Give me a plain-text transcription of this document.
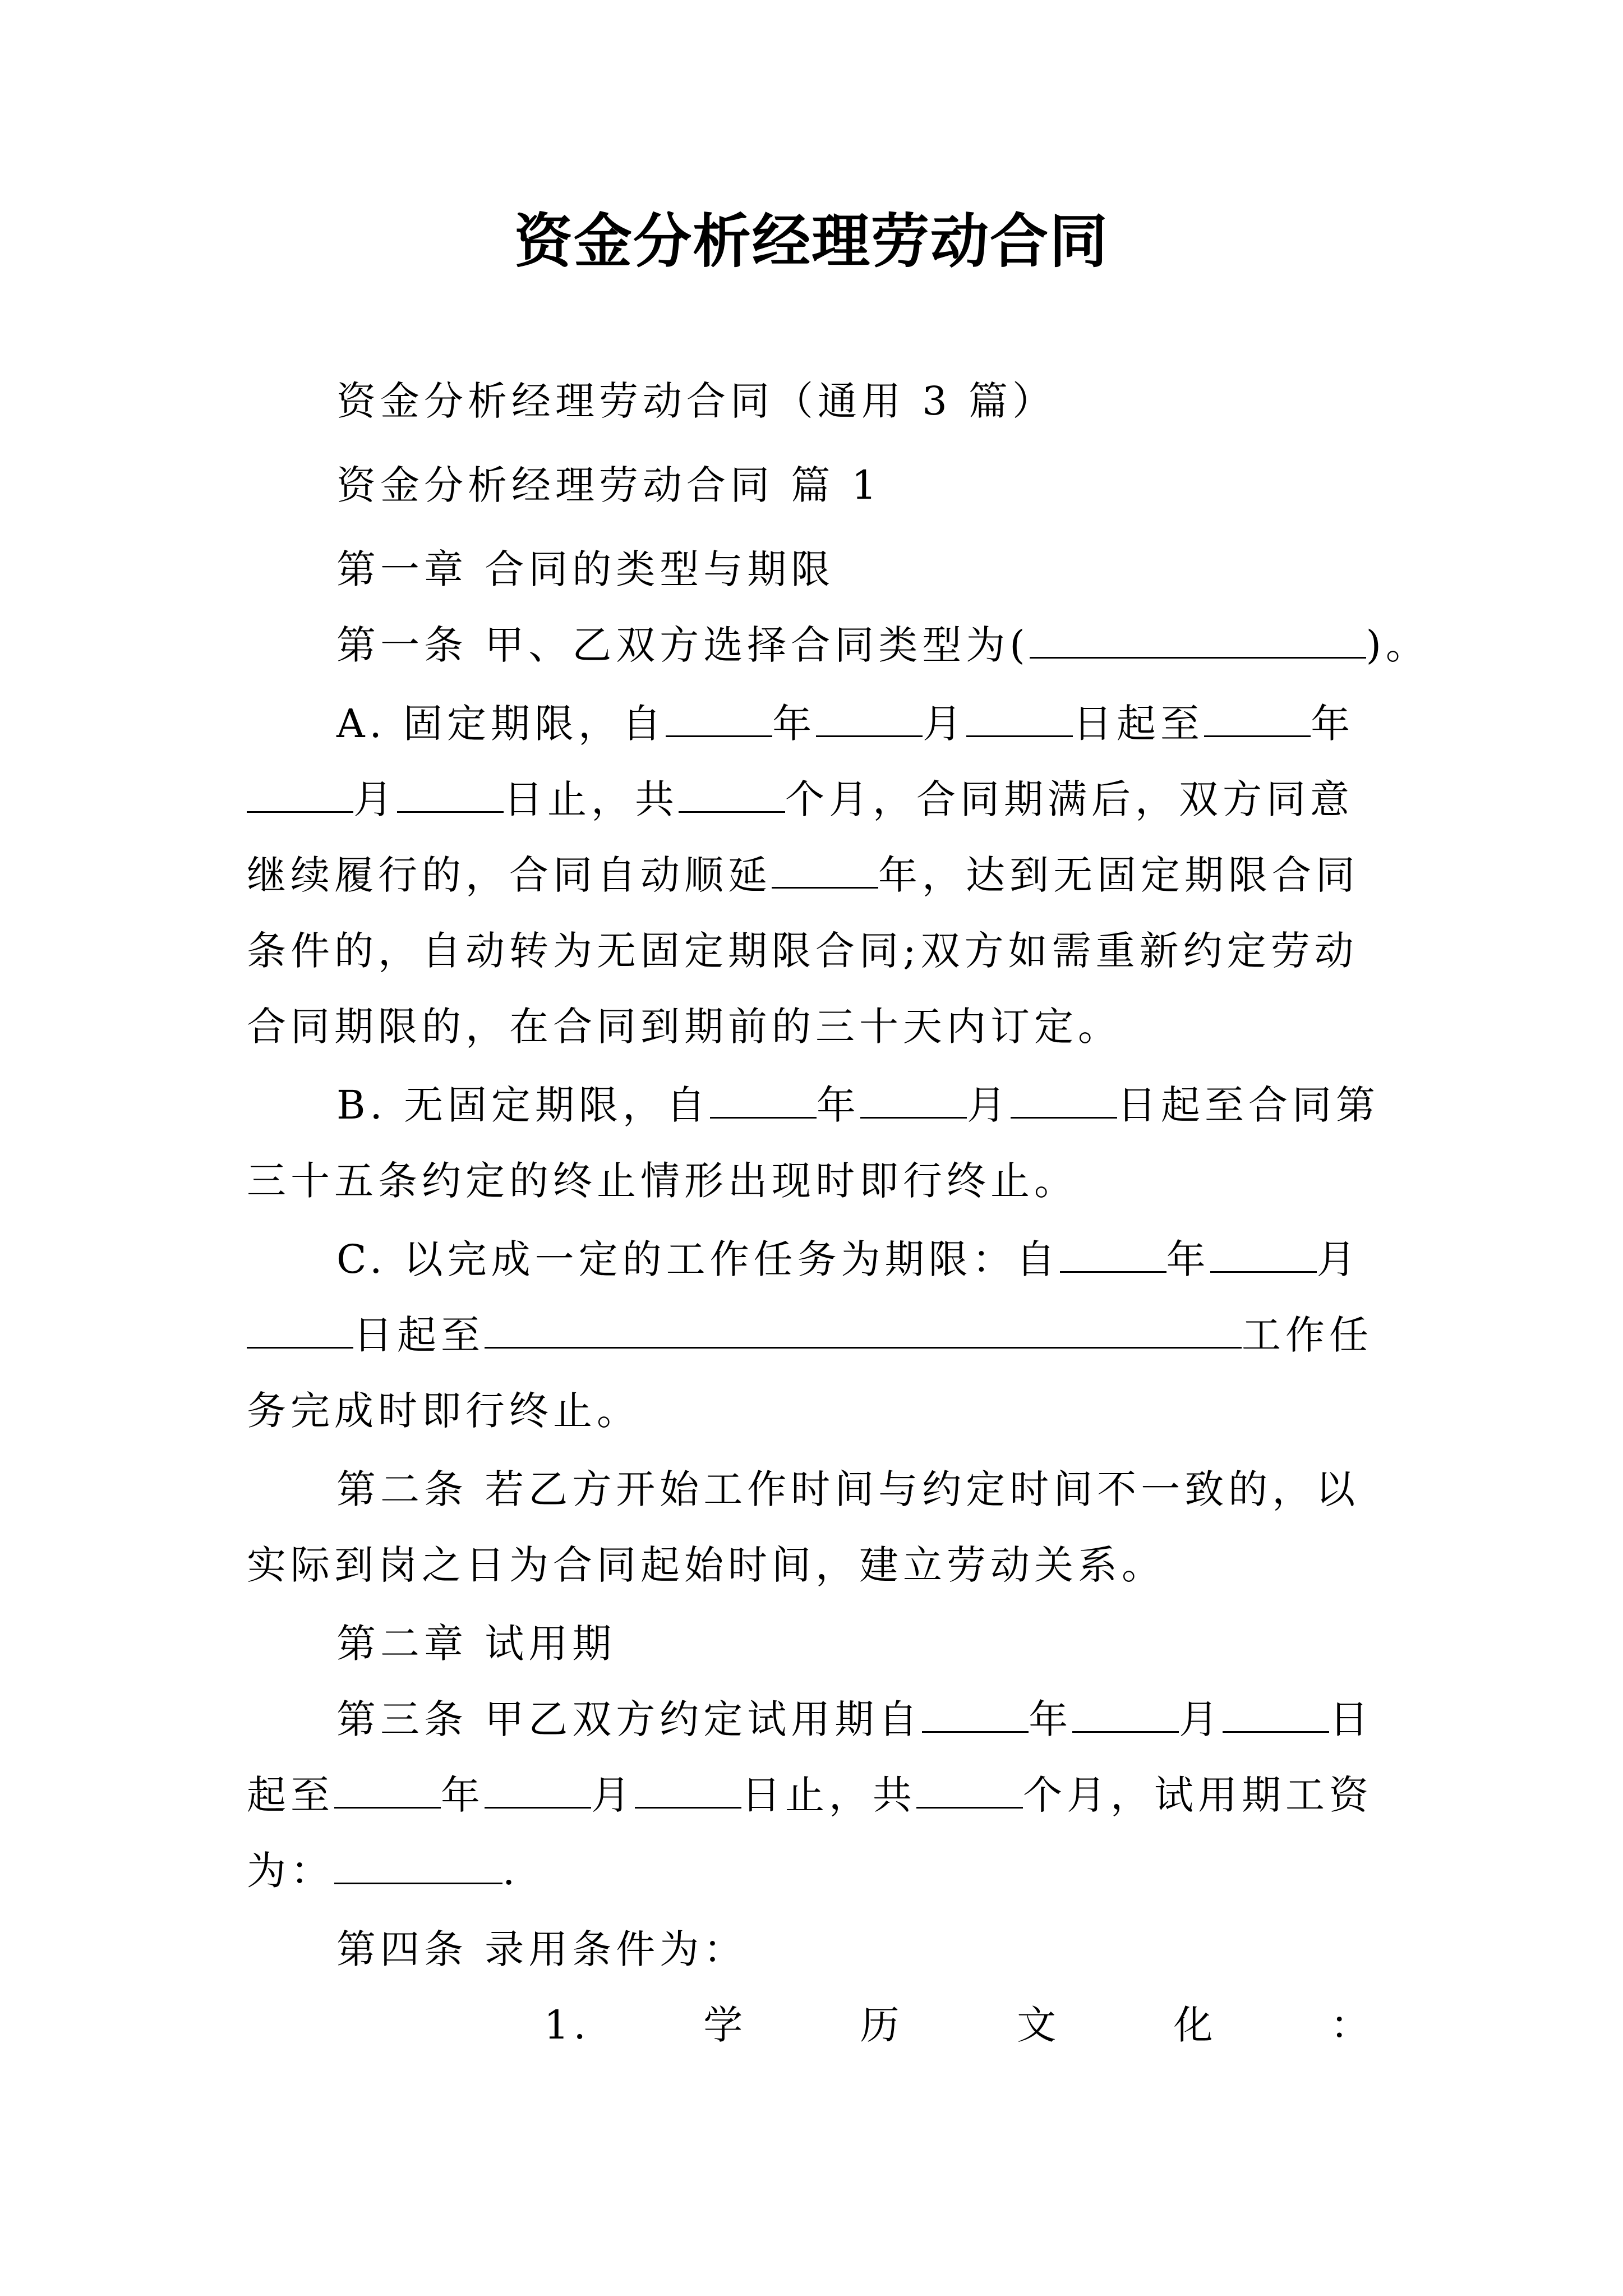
资金分析经理劳动合同
资金分析经理劳动合同（通用 3 篇）
资金分析经理劳动合同 篇 1
第一章 合同的类型与期限
第一条 甲、乙双方选择合同类型为(	)。
A. 固定期限，自	年	月	日起至	年
月	日止，共	个月，合同期满后，双方同意
继续履行的，合同自动顺延	年，达到无固定期限合同
条件的，自动转为无固定期限合同;双方如需重新约定劳动
合同期限的，在合同到期前的三十天内订定。
B. 无固定期限，自	年	月	日起至合同第
三十五条约定的终止情形出现时即行终止。
C. 以完成一定的工作任务为期限：自	年	月
日起至	工作任
务完成时即行终止。
第二条 若乙方开始工作时间与约定时间不一致的，以
实际到岗之日为合同起始时间，建立劳动关系。
第二章 试用期
第三条 甲乙双方约定试用期自	年	月	日
起至	年	月	日止，共	个月，试用期工资
为：	.
第四条 录用条件为：
1.	学	历	文	化	：
